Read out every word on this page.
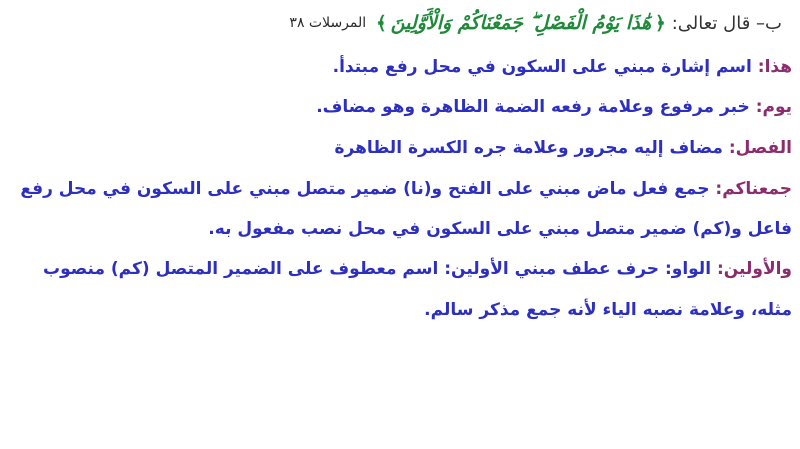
ب– قال تعالى:
﴿
هَٰذَا يَوْمُ الْفَصْلِ ۖ جَمَعْنَاكُمْ وَالْأَوَّلِينَ
﴾
المرسلات ٣٨
هذا: اسم إشارة مبني على السكون في محل رفع مبتدأ.
يوم: خبر مرفوع وعلامة رفعه الضمة الظاهرة وهو مضاف.
الفصل: مضاف إليه مجرور وعلامة جره الكسرة الظاهرة
جمعناكم: جمع فعل ماض مبني على الفتح و(نا) ضمير متصل مبني على السكون في محل رفع
فاعل و(كم) ضمير متصل مبني على السكون في محل نصب مفعول به.
والأولين: الواو: حرف عطف مبني الأولين: اسم معطوف على الضمير المتصل (كم) منصوب
مثله، وعلامة نصبه الياء لأنه جمع مذكر سالم.
